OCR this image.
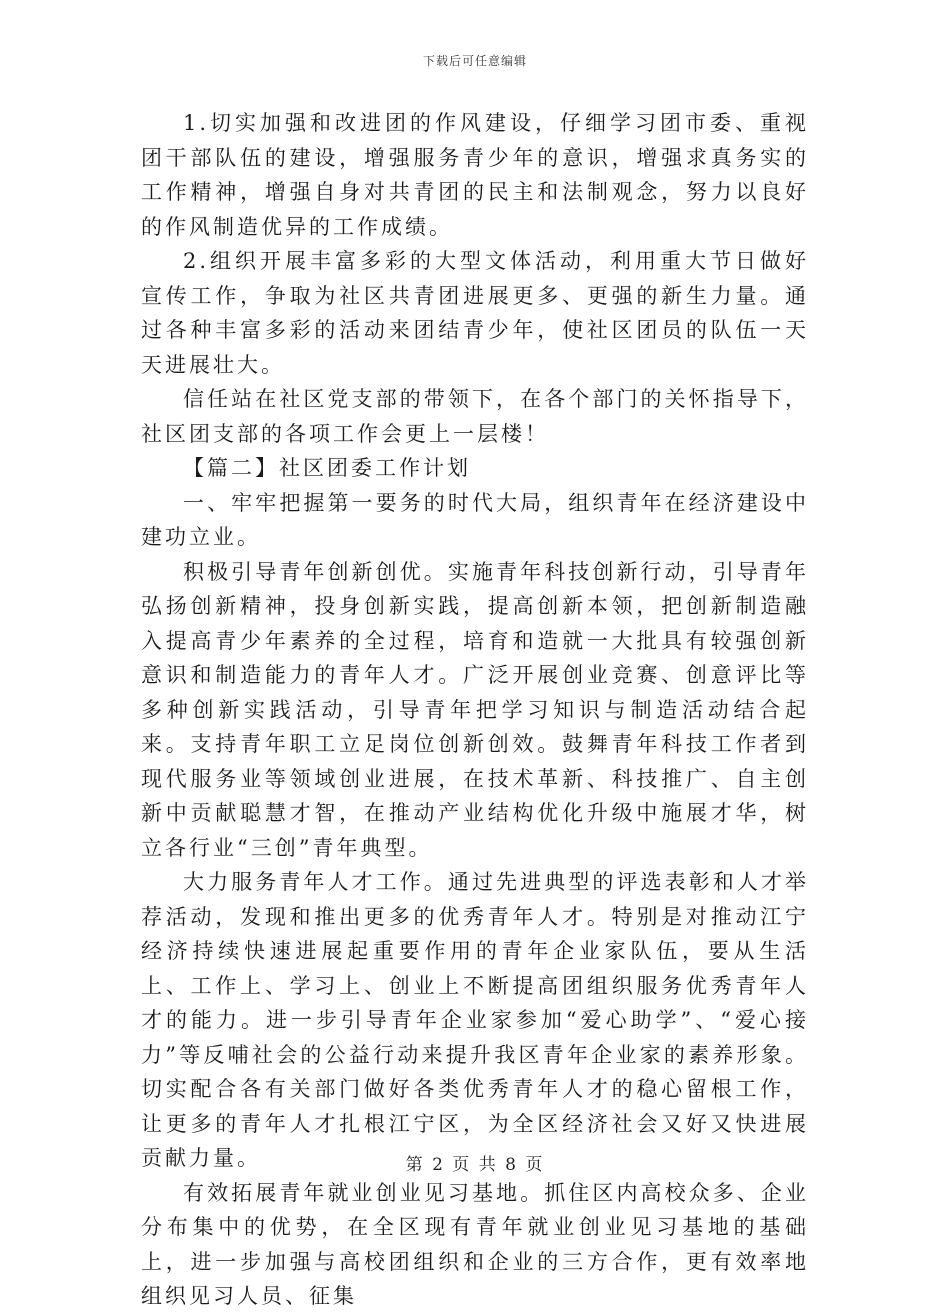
下载后可任意编辑

1.切实加强和改进团的作风建设，仔细学习团市委、重视团干部队伍的建设，增强服务青少年的意识，增强求真务实的工作精神，增强自身对共青团的民主和法制观念，努力以良好的作风制造优异的工作成绩。

2.组织开展丰富多彩的大型文体活动，利用重大节日做好宣传工作，争取为社区共青团进展更多、更强的新生力量。通过各种丰富多彩的活动来团结青少年，使社区团员的队伍一天天进展壮大。

信任站在社区党支部的带领下，在各个部门的关怀指导下，社区团支部的各项工作会更上一层楼！

【篇二】社区团委工作计划

一、牢牢把握第一要务的时代大局，组织青年在经济建设中建功立业。

积极引导青年创新创优。实施青年科技创新行动，引导青年弘扬创新精神，投身创新实践，提高创新本领，把创新制造融入提高青少年素养的全过程，培育和造就一大批具有较强创新意识和制造能力的青年人才。广泛开展创业竞赛、创意评比等多种创新实践活动，引导青年把学习知识与制造活动结合起来。支持青年职工立足岗位创新创效。鼓舞青年科技工作者到现代服务业等领域创业进展，在技术革新、科技推广、自主创新中贡献聪慧才智，在推动产业结构优化升级中施展才华，树立各行业“三创”青年典型。

大力服务青年人才工作。通过先进典型的评选表彰和人才举荐活动，发现和推出更多的优秀青年人才。特别是对推动江宁经济持续快速进展起重要作用的青年企业家队伍，要从生活上、工作上、学习上、创业上不断提高团组织服务优秀青年人才的能力。进一步引导青年企业家参加“爱心助学”、“爱心接力”等反哺社会的公益行动来提升我区青年企业家的素养形象。切实配合各有关部门做好各类优秀青年人才的稳心留根工作，让更多的青年人才扎根江宁区，为全区经济社会又好又快进展贡献力量。

有效拓展青年就业创业见习基地。抓住区内高校众多、企业分布集中的优势，在全区现有青年就业创业见习基地的基础上，进一步加强与高校团组织和企业的三方合作，更有效率地组织见习人员、征集

第 2 页 共 8 页
